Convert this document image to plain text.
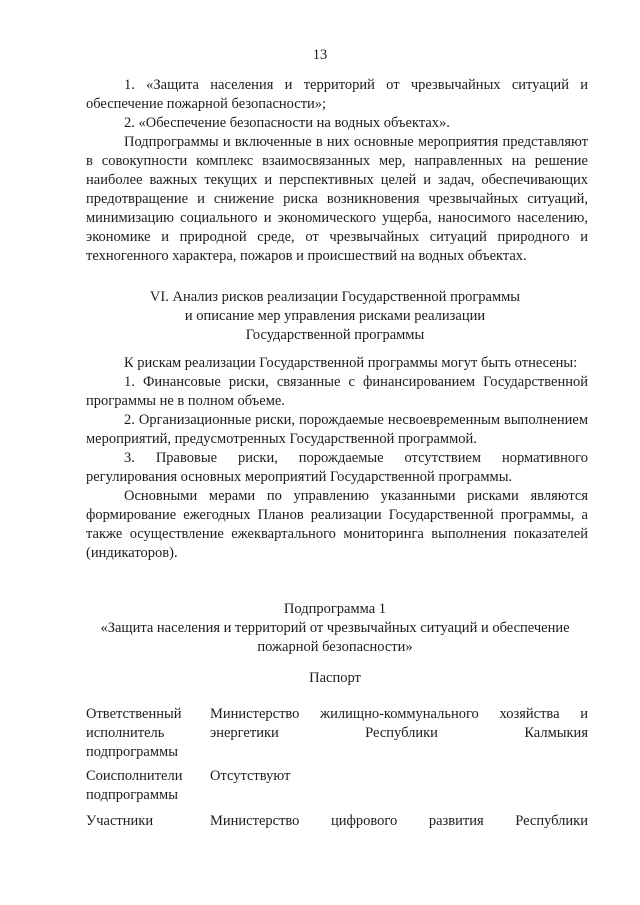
13

1. «Защита населения и территорий от чрезвычайных ситуаций и обеспечение пожарной безопасности»;

2. «Обеспечение безопасности на водных объектах».

Подпрограммы и включенные в них основные мероприятия представляют в совокупности комплекс взаимосвязанных мер, направленных на решение наиболее важных текущих и перспективных целей и задач, обеспечивающих предотвращение и снижение риска возникновения чрезвычайных ситуаций, минимизацию социального и экономического ущерба, наносимого населению, экономике и природной среде, от чрезвычайных ситуаций природного и техногенного характера, пожаров и происшествий на водных объектах.

VI. Анализ рисков реализации Государственной программы
и описание мер управления рисками реализации
Государственной программы

К рискам реализации Государственной программы могут быть отнесены:

1. Финансовые риски, связанные с финансированием Государственной программы не в полном объеме.

2. Организационные риски, порождаемые несвоевременным выполнением мероприятий, предусмотренных Государственной программой.

3. Правовые риски, порождаемые отсутствием нормативного регулирования основных мероприятий Государственной программы.

Основными мерами по управлению указанными рисками являются формирование ежегодных Планов реализации Государственной программы, а также осуществление ежеквартального мониторинга выполнения показателей (индикаторов).

Подпрограмма 1
«Защита населения и территорий от чрезвычайных ситуаций и обеспечение
пожарной безопасности»
Паспорт
Ответственный исполнитель подпрограммы
Министерство жилищно-коммунального хозяйства и энергетики Республики Калмыкия
Соисполнители подпрограммы
Отсутствуют
Участники	Министерство цифрового развития Республики
